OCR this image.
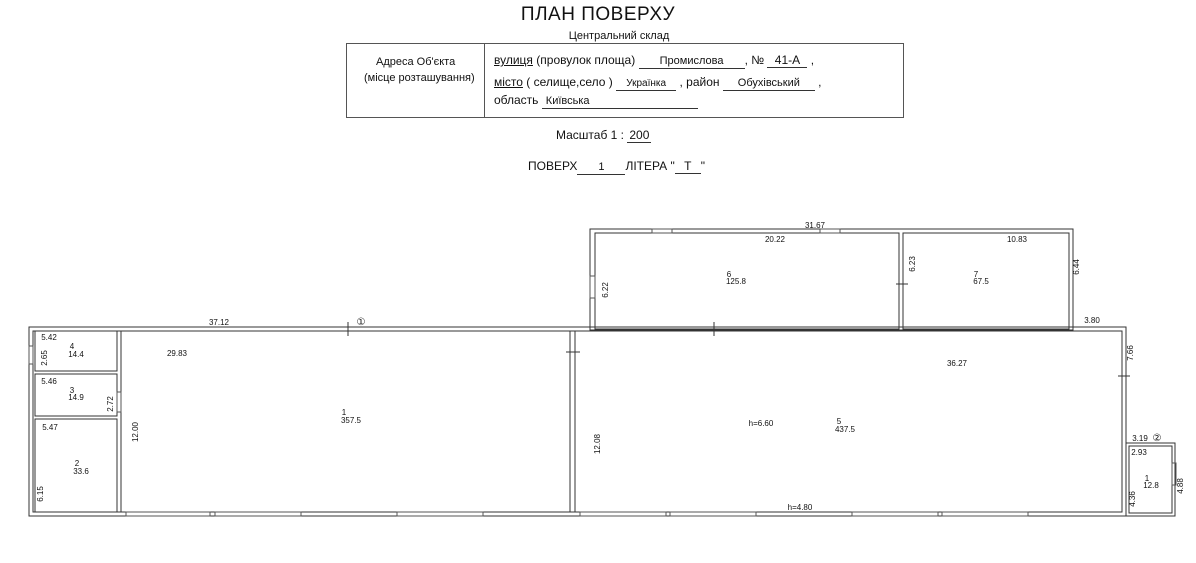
ПЛАН ПОВЕРХУ
Центральний склад
Адреса Об'єкта
(місце розташування)
вулиця (провулок площа) Промислова , № 41-А ,
місто ( селище,село ) Українка , район Обухівський ,
область Київська
Масштаб 1 : 200
ПОВЕРХ 1 ЛІТЕРА " Т "
31.67
20.22	10.83
37.12
29.83
3.80
36.27
3.19
2.93
5.42
5.46
5.47
6.22
6.23	6.44
12.00
7.66
12.08
4.36
4.88
2.65
2.72
6.15
h=6.60
h=4.80
①
②
1
357.5
2
33.6
3
14.9
4
14.4
5
437.5
6
125.8
7
67.5
1
12.8
